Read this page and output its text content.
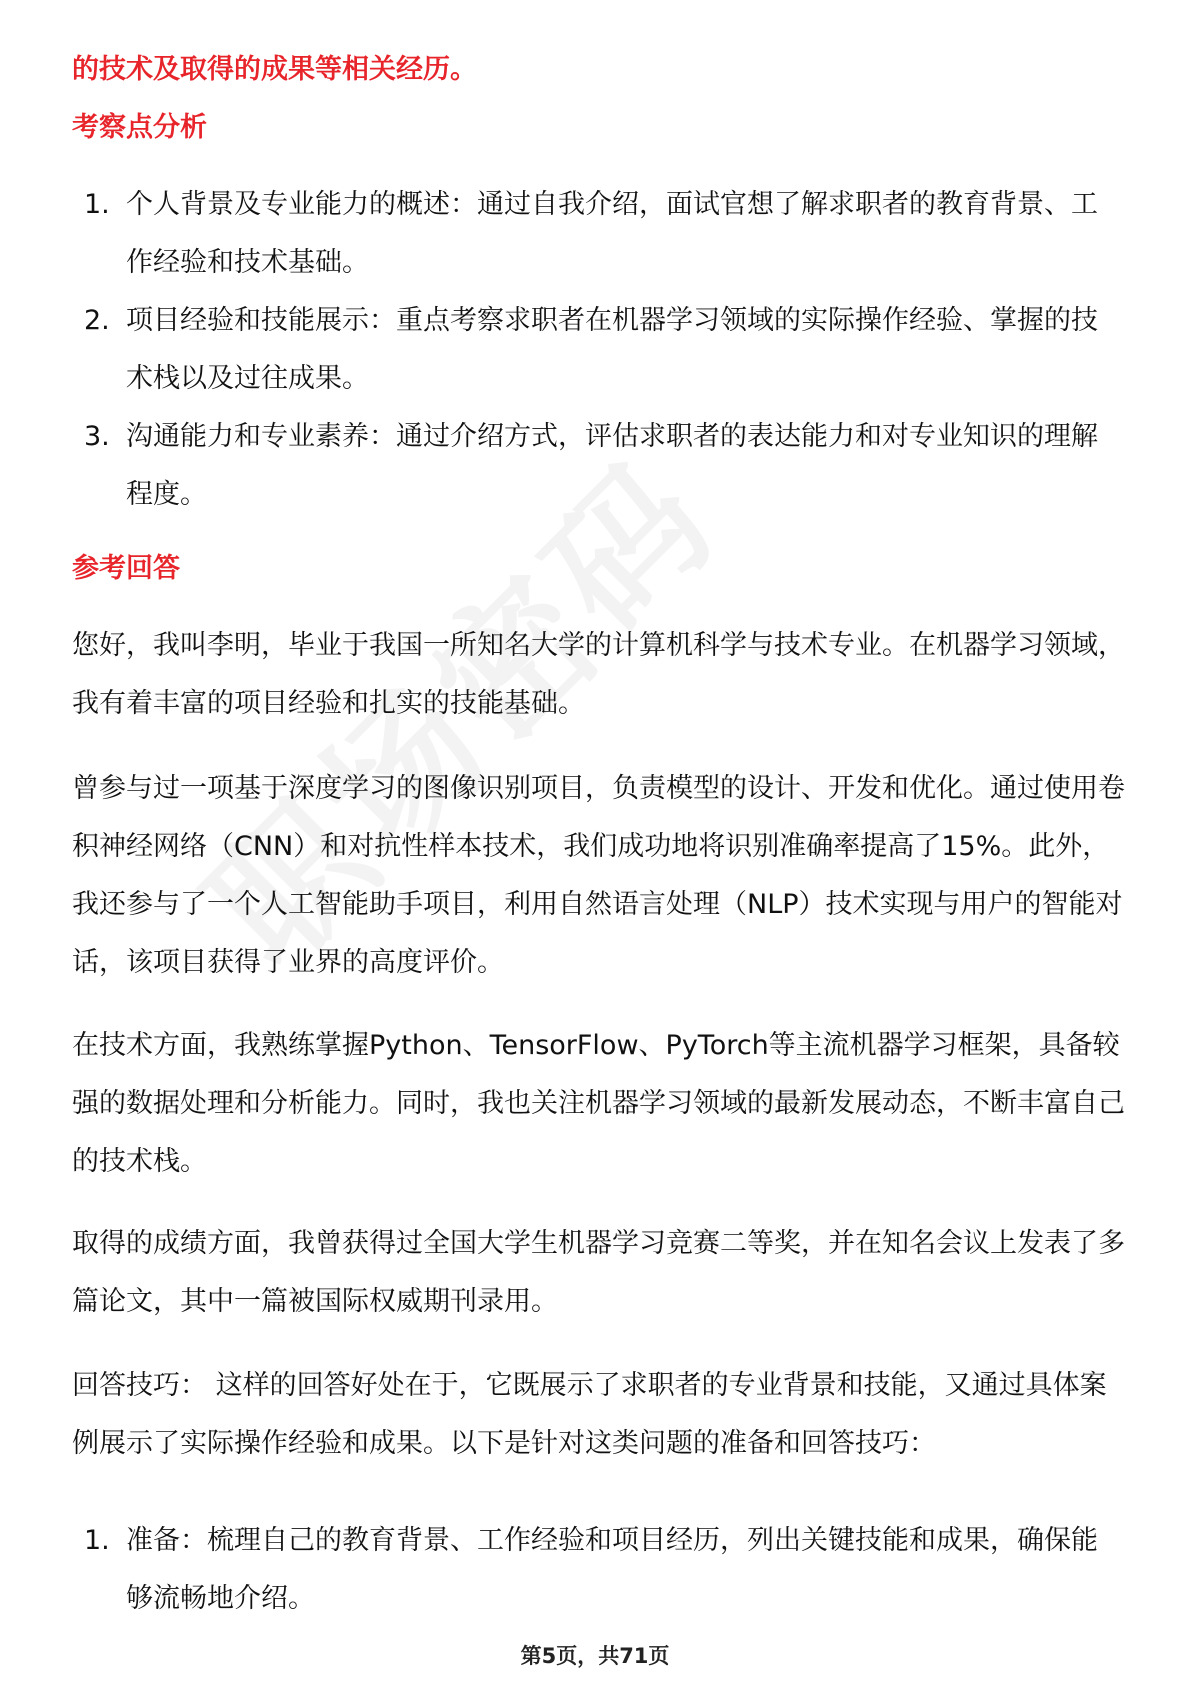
的技术及取得的成果等相关经历。
考察点分析
1. 个人背景及专业能力的概述：通过自我介绍，面试官想了解求职者的教育背景、工作经验和技术基础。
2. 项目经验和技能展示：重点考察求职者在机器学习领域的实际操作经验、掌握的技术栈以及过往成果。
3. 沟通能力和专业素养：通过介绍方式，评估求职者的表达能力和对专业知识的理解程度。
参考回答

您好，我叫李明，毕业于我国一所知名大学的计算机科学与技术专业。在机器学习领域，我有着丰富的项目经验和扎实的技能基础。

曾参与过一项基于深度学习的图像识别项目，负责模型的设计、开发和优化。通过使用卷积神经网络（CNN）和对抗性样本技术，我们成功地将识别准确率提高了15%。此外，我还参与了一个人工智能助手项目，利用自然语言处理（NLP）技术实现与用户的智能对话，该项目获得了业界的高度评价。

在技术方面，我熟练掌握Python、TensorFlow、PyTorch等主流机器学习框架，具备较强的数据处理和分析能力。同时，我也关注机器学习领域的最新发展动态，不断丰富自己的技术栈。

取得的成绩方面，我曾获得过全国大学生机器学习竞赛二等奖，并在知名会议上发表了多篇论文，其中一篇被国际权威期刊录用。

回答技巧： 这样的回答好处在于，它既展示了求职者的专业背景和技能，又通过具体案例展示了实际操作经验和成果。以下是针对这类问题的准备和回答技巧：

1. 准备：梳理自己的教育背景、工作经验和项目经历，列出关键技能和成果，确保能够流畅地介绍。
第5页，共71页
